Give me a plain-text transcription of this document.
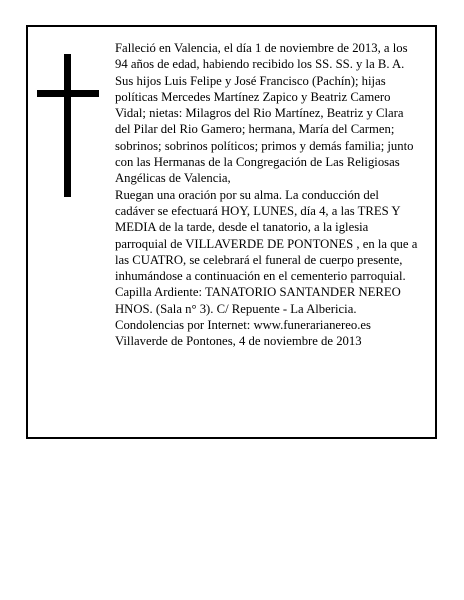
Falleció en Valencia, el día 1 de noviembre de 2013, a los 94 años de edad, habiendo recibido los SS. SS. y la B. A.

Sus hijos Luis Felipe y José Francisco (Pachín); hijas políticas Mercedes Martínez Zapico y Beatriz Camero Vidal; nietas: Milagros del Rio Martínez, Beatriz y Clara del Pilar del Rio Gamero; hermana, María del Carmen; sobrinos; sobrinos políticos; primos y demás familia; junto con las Hermanas de la Congregación de Las Religiosas Angélicas de Valencia,

Ruegan una oración por su alma. La conducción del cadáver se efectuará HOY, LUNES, día 4, a las TRES Y MEDIA de la tarde, desde el tanatorio, a la iglesia parroquial de VILLAVERDE DE PONTONES , en la que a las CUATRO, se celebrará el funeral de cuerpo presente, inhumándose a continuación en el cementerio parroquial. Capilla Ardiente: TANATORIO SANTANDER NEREO HNOS. (Sala n° 3). C/ Repuente - La Albericia.

Condolencias por Internet: www.funerarianereo.es

Villaverde de Pontones, 4 de noviembre de 2013
